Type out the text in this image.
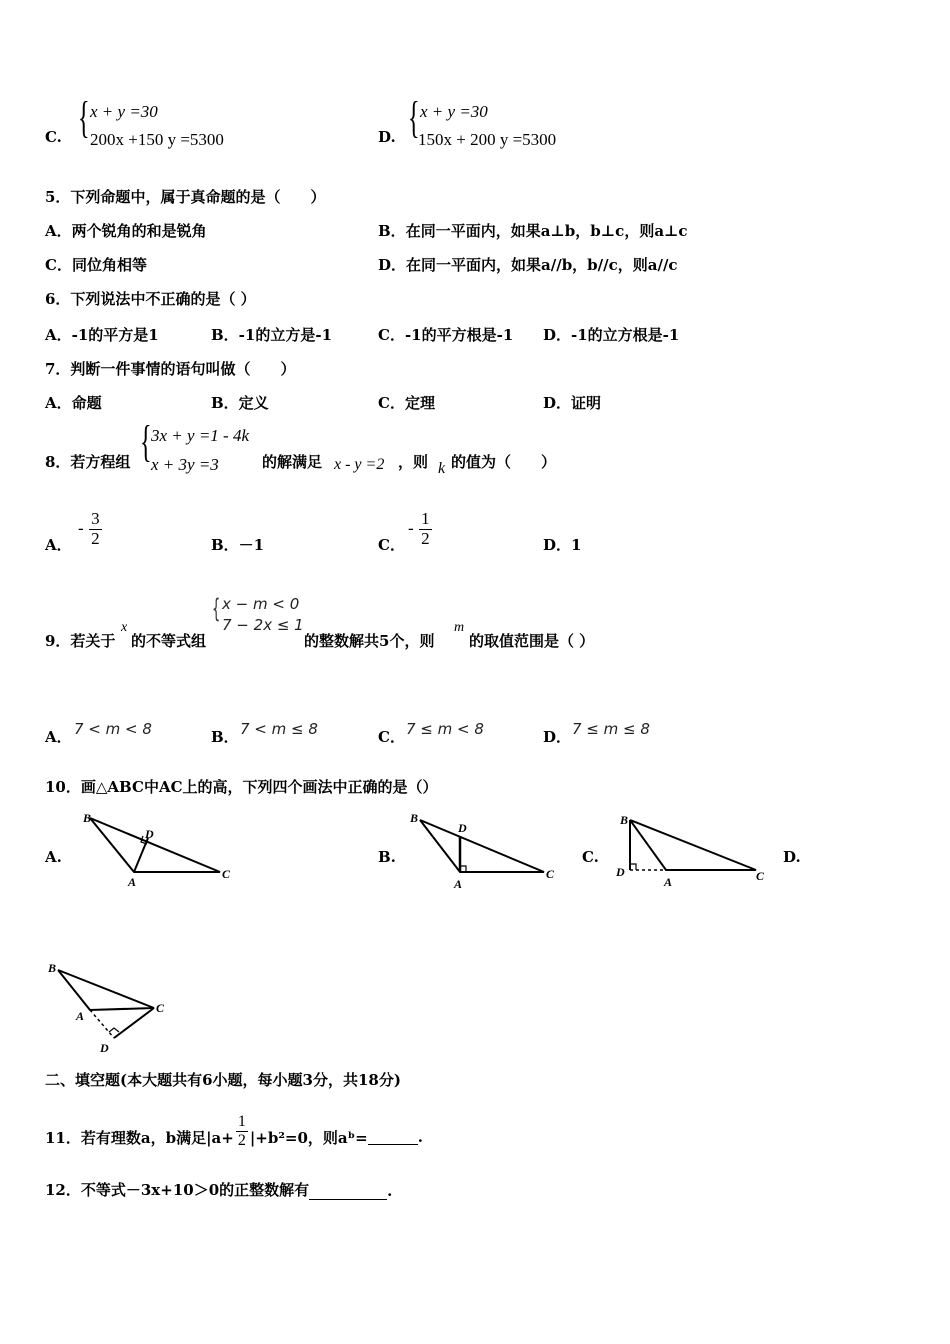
C. { x + y =30
200x +150 y =5300	D. { x + y =30
150x + 200 y =5300
5．下列命题中，属于真命题的是（　　）
A．两个锐角的和是锐角	B．在同一平面内，如果a⊥b，b⊥c，则a⊥c
C．同位角相等	D．在同一平面内，如果a//b，b//c，则a//c
6．下列说法中不正确的是（ ）
A．-1的平方是1	B．-1的立方是-1	C．-1的平方根是-1 D．-1的立方根是-1
7．判断一件事情的语句叫做（　　）
A．命题	B．定义	C．定理	D．证明
8．若方程组 { 3x + y =1 - 4k
x + 3y =3	的解满足 x - y =2 ，则 k 的值为（　　）
A．
- $\frac{3}{2}$	B．－1	C．
- $\frac{1}{2}$	D．1
9．若关于
x
的不等式组
{ x − m < 0
7 − 2x ≤ 1
的整数解共5个，则
m
的取值范围是（ ）
A． 7 < m < 8	B． 7 < m ≤ 8	C． 7 ≤ m < 8	D． 7 ≤ m ≤ 8
10．画△ABC中AC上的高，下列四个画法中正确的是（）
A.
B
D
A
C
B.
B
D
A
C
C.
B
D
A	C
D.
B
A
C
D
二、填空题(本大题共有6小题，每小题3分，共18分)
11．若有理数a，b满足$|a+ \frac{1}{2} |+b^2=0$，则aᵇ=	.
12．不等式－3x+10＞0的正整数解有	.
